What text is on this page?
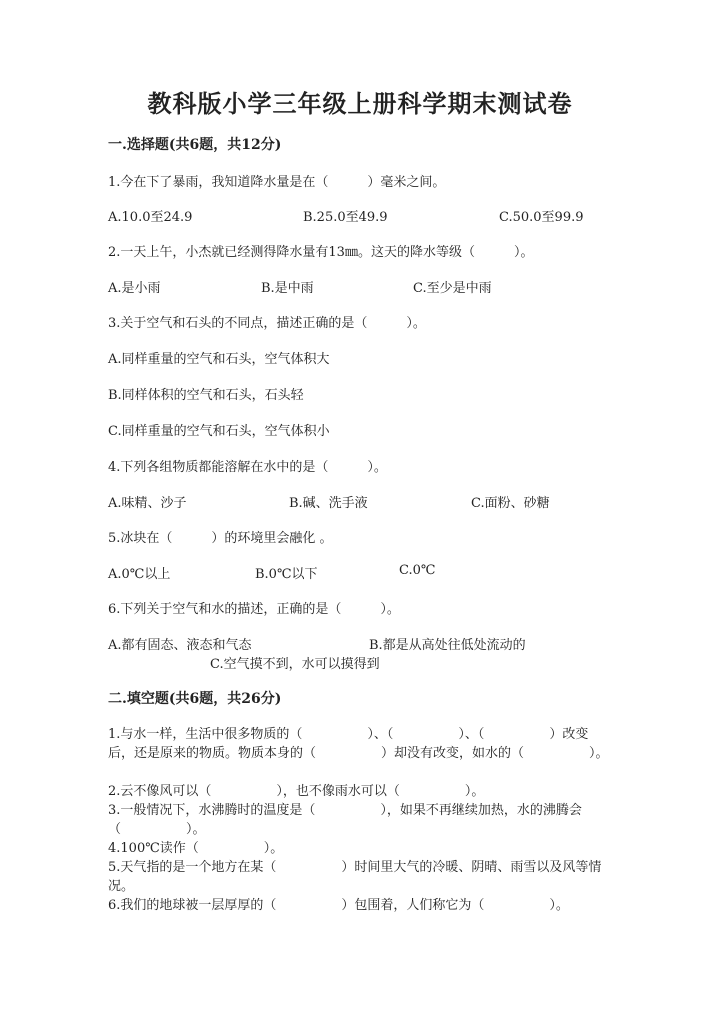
教科版小学三年级上册科学期末测试卷
一.选择题(共6题，共12分)
1.今在下了暴雨，我知道降水量是在（　　　）毫米之间。
A.10.0至24.9	B.25.0至49.9	C.50.0至99.9
2.一天上午，小杰就已经测得降水量有13㎜。这天的降水等级（　　　）。
A.是小雨	B.是中雨	C.至少是中雨
3.关于空气和石头的不同点，描述正确的是（　　　）。
A.同样重量的空气和石头，空气体积大
B.同样体积的空气和石头，石头轻
C.同样重量的空气和石头，空气体积小
4.下列各组物质都能溶解在水中的是（　　　）。
A.味精、沙子	B.碱、洗手液	C.面粉、砂糖
5.冰块在（　　　）的环境里会融化 。
A.0℃以上	B.0℃以下	C.0℃
6.下列关于空气和水的描述，正确的是（　　　）。
A.都有固态、液态和气态	B.都是从高处往低处流动的
C.空气摸不到，水可以摸得到
二.填空题(共6题，共26分)
1.与水一样，生活中很多物质的（　　　　　）、（　　　　　）、（　　　　　）改变后，还是原来的物质。物质本身的（　　　　　）却没有改变，如水的（　　　　　）。
2.云不像风可以（　　　　　），也不像雨水可以（　　　　　）。
3.一般情况下，水沸腾时的温度是（　　　　　），如果不再继续加热，水的沸腾会（　　　　　）。
4.100℃读作（　　　　　）。
5.天气指的是一个地方在某（　　　　　）时间里大气的冷暖、阴晴、雨雪以及风等情况。
6.我们的地球被一层厚厚的（　　　　　）包围着，人们称它为（　　　　　）。
